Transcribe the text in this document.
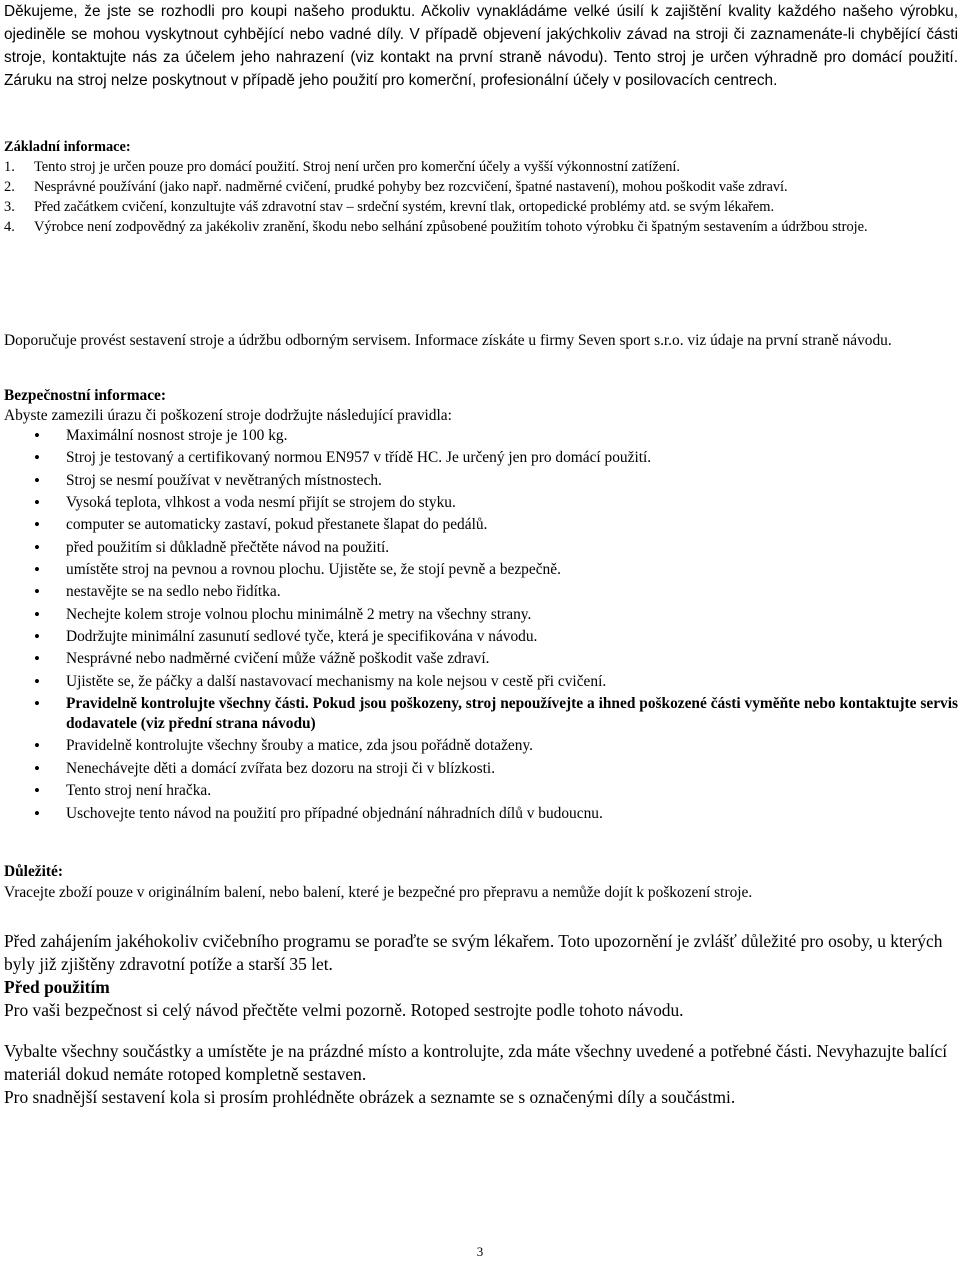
Děkujeme, že jste se rozhodli pro koupi našeho produktu. Ačkoliv vynakládáme velké úsilí k zajištění kvality každého našeho výrobku, ojediněle se mohou vyskytnout cyhbějící nebo vadné díly. V případě objevení jakýchkoliv závad na stroji či zaznamenáte-li chybějící části stroje, kontaktujte nás za účelem jeho nahrazení (viz kontakt na první straně návodu). Tento stroj je určen výhradně pro domácí použití. Záruku na stroj nelze poskytnout v případě jeho použití pro komerční, profesionální účely v posilovacích centrech.

Základní informace:
1.	Tento stroj je určen pouze pro domácí použití. Stroj není určen pro komerční účely a vyšší výkonnostní zatížení.
2.	Nesprávné používání (jako např. nadměrné cvičení, prudké pohyby bez rozcvičení, špatné nastavení), mohou poškodit vaše zdraví.
3.	Před začátkem cvičení, konzultujte váš zdravotní stav – srdeční systém, krevní tlak, ortopedické problémy atd. se svým lékařem.
4.	Výrobce není zodpovědný za jakékoliv zranění, škodu nebo selhání způsobené použitím tohoto výrobku či špatným sestavením a údržbou stroje.

Doporučuje provést sestavení stroje a údržbu odborným servisem. Informace získáte u firmy Seven sport s.r.o. viz údaje na první straně návodu.

Bezpečnostní informace:
Abyste zamezili úrazu či poškození stroje dodržujte následující pravidla:
•	Maximální nosnost stroje je 100 kg.
•	Stroj je testovaný a certifikovaný normou EN957 v třídě HC. Je určený jen pro domácí použití.
•	Stroj se nesmí používat v nevětraných místnostech.
•	Vysoká teplota, vlhkost a voda nesmí přijít se strojem do styku.
•	computer se automaticky zastaví, pokud přestanete šlapat do pedálů.
•	před použitím si důkladně přečtěte návod na použití.
•	umístěte stroj na pevnou a rovnou plochu. Ujistěte se, že stojí pevně a bezpečně.
•	nestavějte se na sedlo nebo řidítka.
•	Nechejte kolem stroje volnou plochu minimálně 2 metry na všechny strany.
•	Dodržujte minimální zasunutí sedlové tyče, která je specifikována v návodu.
•	Nesprávné nebo nadměrné cvičení může vážně poškodit vaše zdraví.
•	Ujistěte se, že páčky a další nastavovací mechanismy na kole nejsou v cestě při cvičení.
•	Pravidelně kontrolujte všechny části. Pokud jsou poškozeny, stroj nepoužívejte a ihned poškozené části vyměňte nebo kontaktujte servis dodavatele (viz přední strana návodu)
•	Pravidelně kontrolujte všechny šrouby a matice, zda jsou pořádně dotaženy.
•	Nenechávejte děti a domácí zvířata bez dozoru na stroji či v blízkosti.
•	Tento stroj není hračka.
•	Uschovejte tento návod na použití pro případné objednání náhradních dílů v budoucnu.
Důležité:
Vracejte zboží pouze v originálním balení, nebo balení, které je bezpečné pro přepravu a nemůže dojít k poškození stroje.
Před zahájením jakéhokoliv cvičebního programu se poraďte se svým lékařem. Toto upozornění je zvlášť důležité pro osoby, u kterých byly již zjištěny zdravotní potíže a starší 35 let.
Před použitím
Pro vaši bezpečnost si celý návod přečtěte velmi pozorně. Rotoped sestrojte podle tohoto návodu.
Vybalte všechny součástky a umístěte je na prázdné místo a kontrolujte, zda máte všechny uvedené a potřebné části. Nevyhazujte balící materiál dokud nemáte rotoped kompletně sestaven.
Pro snadnější sestavení kola si prosím prohlédněte obrázek a seznamte se s označenými díly a součástmi.
3
